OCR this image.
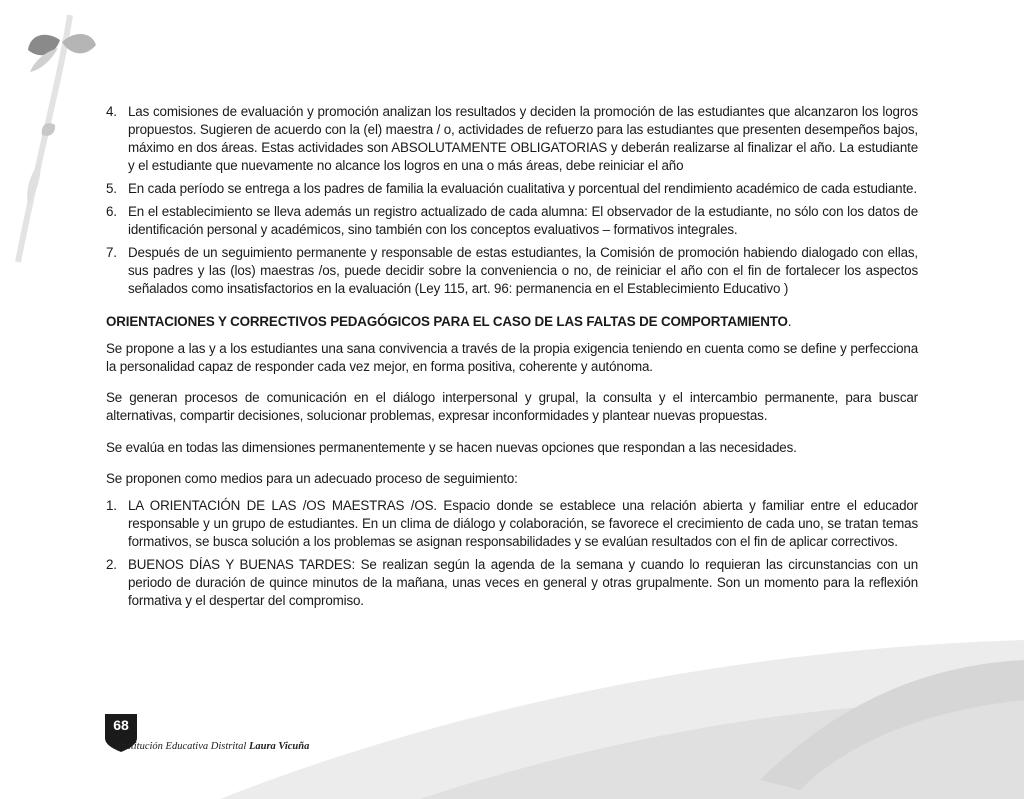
4. Las comisiones de evaluación y promoción analizan los resultados y deciden la promoción de las estudiantes que alcanzaron los logros propuestos. Sugieren de acuerdo con la (el) maestra / o, actividades de refuerzo para las estudiantes que presenten desempeños bajos, máximo en dos áreas. Estas actividades son ABSOLUTAMENTE OBLIGATORIAS y deberán realizarse al finalizar el año. La estudiante y el estudiante que nuevamente no alcance los logros en una o más áreas, debe reiniciar el año
5. En cada período se entrega a los padres de familia la evaluación cualitativa y porcentual del rendimiento académico de cada estudiante.
6. En el establecimiento se lleva además un registro actualizado de cada alumna: El observador de la estudiante, no sólo con los datos de identificación personal y académicos, sino también con los conceptos evaluativos – formativos integrales.
7. Después de un seguimiento permanente y responsable de estas estudiantes, la Comisión de promoción habiendo dialogado con ellas, sus padres y las (los) maestras /os, puede decidir sobre la conveniencia o no, de reiniciar el año con el fin de fortalecer los aspectos señalados como insatisfactorios en la evaluación (Ley 115, art. 96: permanencia en el Establecimiento Educativo )
ORIENTACIONES Y CORRECTIVOS PEDAGÓGICOS PARA EL CASO DE LAS FALTAS DE COMPORTAMIENTO.

Se propone a las y a los estudiantes una sana convivencia a través de la propia exigencia teniendo en cuenta como se define y perfecciona la personalidad capaz de responder cada vez mejor, en forma positiva, coherente y autónoma.

Se generan procesos de comunicación en el diálogo interpersonal y grupal, la consulta y el intercambio permanente, para buscar alternativas, compartir decisiones, solucionar problemas, expresar inconformidades y plantear nuevas propuestas.

Se evalúa en todas las dimensiones permanentemente y se hacen nuevas opciones que respondan a las necesidades.

Se proponen como medios para un adecuado proceso de seguimiento:

1. LA ORIENTACIÓN DE LAS /OS MAESTRAS /OS. Espacio donde se establece una relación abierta y familiar entre el educador responsable y un grupo de estudiantes. En un clima de diálogo y colaboración, se favorece el crecimiento de cada uno, se tratan temas formativos, se busca solución a los problemas se asignan responsabilidades y se evalúan resultados con el fin de aplicar correctivos.
2. BUENOS DÍAS Y BUENAS TARDES: Se realizan según la agenda de la semana y cuando lo requieran las circunstancias con un periodo de duración de quince minutos de la mañana, unas veces en general y otras grupalmente. Son un momento para la reflexión formativa y el despertar del compromiso.
68
Institución Educativa Distrital Laura Vicuña
